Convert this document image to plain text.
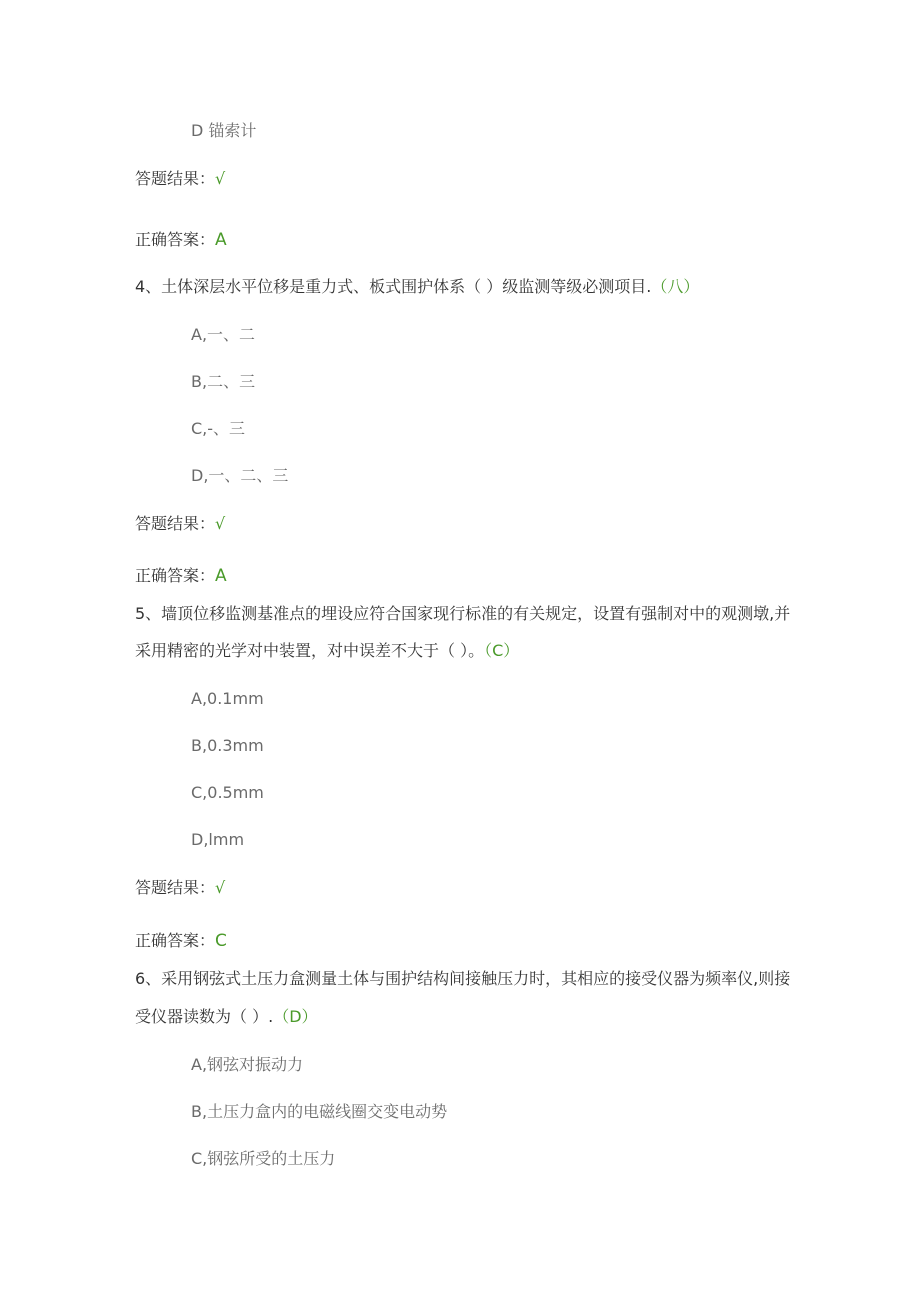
D 锚索计
答题结果：√
正确答案：A
4、土体深层水平位移是重力式、板式围护体系（ ）级监测等级必测项目.（八）
A,一、二
B,二、三
C,-、三
D,一、二、三
答题结果：√
正确答案：A
5、墙顶位移监测基准点的埋设应符合国家现行标准的有关规定，设置有强制对中的观测墩,并
采用精密的光学对中装置，对中误差不大于（ ）。（C）
A,0.1mm
B,0.3mm
C,0.5mm
D,lmm
答题结果：√
正确答案：C
6、采用钢弦式土压力盒测量土体与围护结构间接触压力时，其相应的接受仪器为频率仪,则接
受仪器读数为（ ）.（D）
A,钢弦对振动力
B,土压力盒内的电磁线圈交变电动势
C,钢弦所受的土压力
